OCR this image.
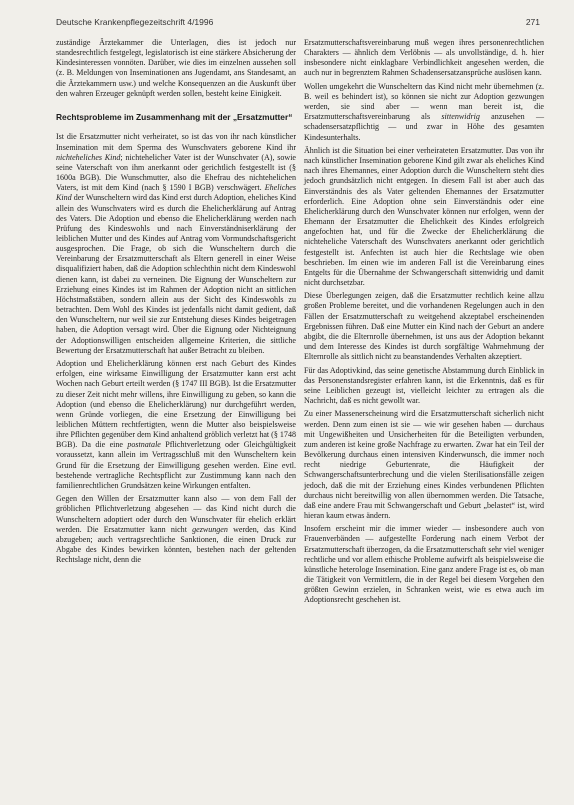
Deutsche Krankenpflegezeitschrift 4/1996	271

zuständige Ärztekammer die Unterlagen, dies ist jedoch nur standesrechtlich festgelegt, legislatorisch ist eine stärkere Absicherung der Kindesinteressen vonnöten. Darüber, wie dies im einzelnen aussehen soll (z. B. Meldungen von Inseminationen ans Jugendamt, ans Standesamt, an die Ärztekammern usw.) und welche Konsequenzen an die Auskunft über den wahren Erzeuger geknüpft werden sollen, besteht keine Einigkeit.

Rechtsprobleme im Zusammenhang mit der „Ersatzmutter“

Ist die Ersatzmutter nicht verheiratet, so ist das von ihr nach künstlicher Insemination mit dem Sperma des Wunschvaters geborene Kind ihr nichteheliches Kind; nichtehelicher Vater ist der Wunschvater (A), sowie seine Vaterschaft von ihm anerkannt oder gerichtlich festgestellt ist (§ 1600a BGB). Die Wunschmutter, also die Ehefrau des nichtehelichen Vaters, ist mit dem Kind (nach § 1590 I BGB) verschwägert. Eheliches Kind der Wunscheltern wird das Kind erst durch Adoption, eheliches Kind allein des Wunschvaters wird es durch die Ehelicherklärung auf Antrag des Vaters. Die Adoption und ebenso die Ehelicherklärung werden nach Prüfung des Kindeswohls und nach Einverständniserklärung der leiblichen Mutter und des Kindes auf Antrag vom Vormundschaftsgericht ausgesprochen. Die Frage, ob sich die Wunscheltern durch die Vereinbarung der Ersatzmutterschaft als Eltern generell in einer Weise disqualifiziert haben, daß die Adoption schlechthin nicht dem Kindeswohl dienen kann, ist dabei zu verneinen. Die Eignung der Wunscheltern zur Erziehung eines Kindes ist im Rahmen der Adoption nicht an sittlichen Höchstmaßstäben, sondern allein aus der Sicht des Kindeswohls zu betrachten. Dem Wohl des Kindes ist jedenfalls nicht damit gedient, daß den Wunscheltern, nur weil sie zur Entstehung dieses Kindes beigetragen haben, die Adoption versagt wird. Über die Eignung oder Nichteignung der Adoptionswilligen entscheiden allgemeine Kriterien, die sittliche Bewertung der Ersatzmutterschaft hat außer Betracht zu bleiben.

Adoption und Ehelicherklärung können erst nach Geburt des Kindes erfolgen, eine wirksame Einwilligung der Ersatzmutter kann erst acht Wochen nach Geburt erteilt werden (§ 1747 III BGB). Ist die Ersatzmutter zu dieser Zeit nicht mehr willens, ihre Einwilligung zu geben, so kann die Adoption (und ebenso die Ehelicherklärung) nur durchgeführt werden, wenn Gründe vorliegen, die eine Ersetzung der Einwilligung bei leiblichen Müttern rechtfertigten, wenn die Mutter also beispielsweise ihre Pflichten gegenüber dem Kind anhaltend gröblich verletzt hat (§ 1748 BGB). Da die eine postnatale Pflichtverletzung oder Gleichgültigkeit voraussetzt, kann allein im Vertragsschluß mit den Wunscheltern kein Grund für die Ersetzung der Einwilligung gesehen werden. Eine evtl. bestehende vertragliche Rechtspflicht zur Zustimmung kann nach den familienrechtlichen Grundsätzen keine Wirkungen entfalten.

Gegen den Willen der Ersatzmutter kann also — von dem Fall der gröblichen Pflichtverletzung abgesehen — das Kind nicht durch die Wunscheltern adoptiert oder durch den Wunschvater für ehelich erklärt werden. Die Ersatzmutter kann nicht gezwungen werden, das Kind abzugeben; auch vertragsrechtliche Sanktionen, die einen Druck zur Abgabe des Kindes bewirken könnten, bestehen nach der geltenden Rechtslage nicht, denn die

Ersatzmutterschaftsvereinbarung muß wegen ihres personenrechtlichen Charakters — ähnlich dem Verlöbnis — als unvollständige, d. h. hier insbesondere nicht einklagbare Verbindlichkeit angesehen werden, die auch nur in begrenztem Rahmen Schadensersatzansprüche auslösen kann.

Wollen umgekehrt die Wunscheltern das Kind nicht mehr übernehmen (z. B. weil es behindert ist), so können sie nicht zur Adoption gezwungen werden, sie sind aber — wenn man bereit ist, die Ersatzmutterschaftsvereinbarung als sittenwidrig anzusehen — schadensersatzpflichtig — und zwar in Höhe des gesamten Kindesunterhalts.

Ähnlich ist die Situation bei einer verheirateten Ersatzmutter. Das von ihr nach künstlicher Insemination geborene Kind gilt zwar als eheliches Kind nach ihres Ehemannes, einer Adoption durch die Wunscheltern steht dies jedoch grundsätzlich nicht entgegen. In diesem Fall ist aber auch das Einverständnis des als Vater geltenden Ehemannes der Ersatzmutter erforderlich. Eine Adoption ohne sein Einverständnis oder eine Ehelicherklärung durch den Wunschvater können nur erfolgen, wenn der Ehemann der Ersatzmutter die Ehelichkeit des Kindes erfolgreich angefochten hat, und für die Zwecke der Ehelicherklärung die nichteheliche Vaterschaft des Wunschvaters anerkannt oder gerichtlich festgestellt ist. Anfechten ist auch hier die Rechtslage wie oben beschrieben. Im einen wie im anderen Fall ist die Vereinbarung eines Entgelts für die Übernahme der Schwangerschaft sittenwidrig und damit nicht durchsetzbar.

Diese Überlegungen zeigen, daß die Ersatzmutter rechtlich keine allzu großen Probleme bereitet, und die vorhandenen Regelungen auch in den Fällen der Ersatzmutterschaft zu weitgehend akzeptabel erscheinenden Ergebnissen führen. Daß eine Mutter ein Kind nach der Geburt an andere abgibt, die die Elternrolle übernehmen, ist uns aus der Adoption bekannt und dem Interesse des Kindes ist durch sorgfältige Wahrnehmung der Elternrolle als sittlich nicht zu beanstandendes Verhalten akzeptiert.

Für das Adoptivkind, das seine genetische Abstammung durch Einblick in das Personenstandsregister erfahren kann, ist die Erkenntnis, daß es für seine Leiblichen gezeugt ist, vielleicht leichter zu ertragen als die Nachricht, daß es nicht gewollt war.

Zu einer Massenerscheinung wird die Ersatzmutterschaft sicherlich nicht werden. Denn zum einen ist sie — wie wir gesehen haben — durchaus mit Ungewißheiten und Unsicherheiten für die Beteiligten verbunden, zum anderen ist keine große Nachfrage zu erwarten. Zwar hat ein Teil der Bevölkerung durchaus einen intensiven Kinderwunsch, die immer noch recht niedrige Geburtenrate, die Häufigkeit der Schwangerschaftsunterbrechung und die vielen Sterilisationsfälle zeigen jedoch, daß die mit der Erziehung eines Kindes verbundenen Pflichten durchaus nicht bereitwillig von allen übernommen werden. Die Tatsache, daß eine andere Frau mit Schwangerschaft und Geburt „belastet“ ist, wird hieran kaum etwas ändern.

Insofern erscheint mir die immer wieder — insbesondere auch von Frauenverbänden — aufgestellte Forderung nach einem Verbot der Ersatzmutterschaft überzogen, da die Ersatzmutterschaft sehr viel weniger rechtliche und vor allem ethische Probleme aufwirft als beispielsweise die künstliche heterologe Insemination. Eine ganz andere Frage ist es, ob man die Tätigkeit von Vermittlern, die in der Regel bei diesem Vorgehen den größten Gewinn erzielen, in Schranken weist, wie es etwa auch im Adoptionsrecht geschehen ist.
